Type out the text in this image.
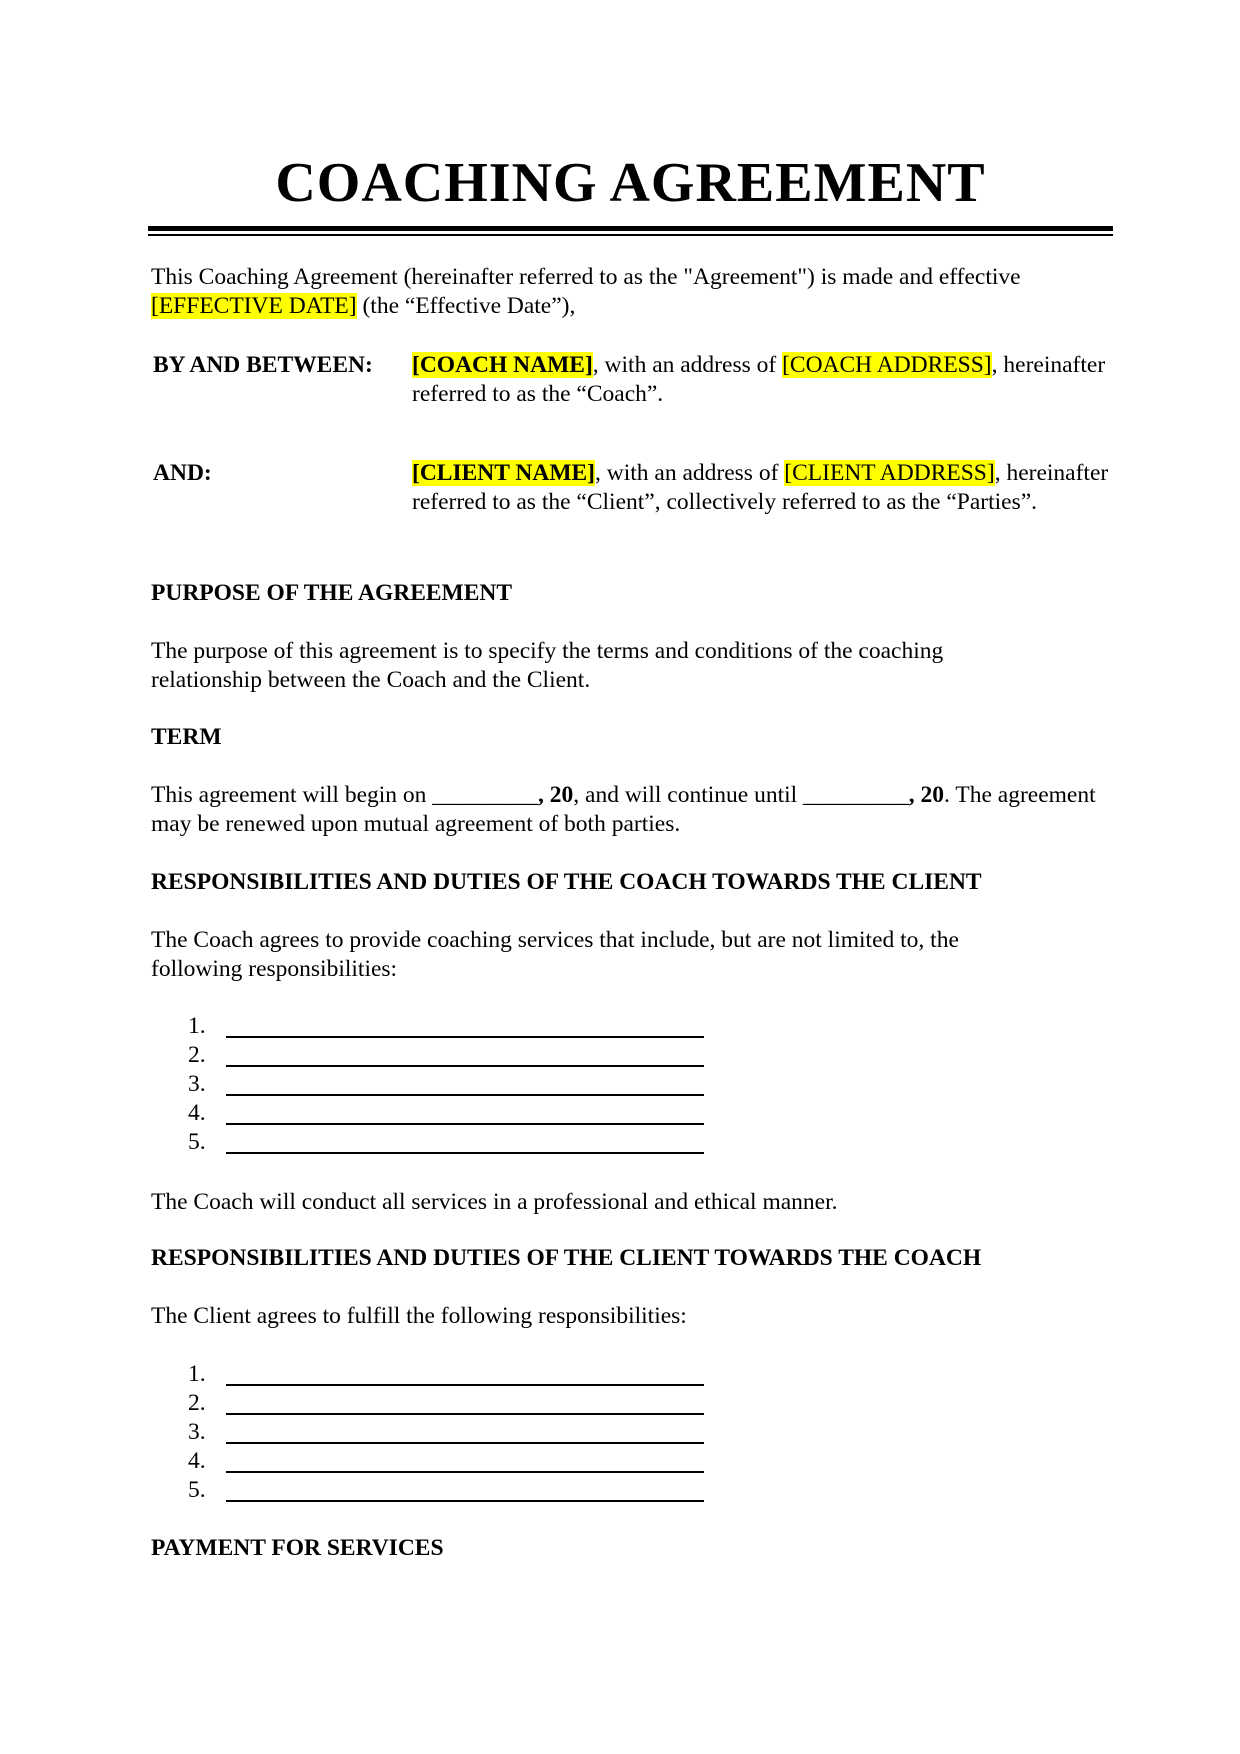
COACHING AGREEMENT

This Coaching Agreement (hereinafter referred to as the "Agreement") is made and effective
[EFFECTIVE DATE] (the “Effective Date”),

BY AND BETWEEN: [COACH NAME], with an address of [COACH ADDRESS], hereinafter referred to as the “Coach”.
AND:	[CLIENT NAME], with an address of [CLIENT ADDRESS], hereinafter referred to as the “Client”, collectively referred to as the “Parties”.

PURPOSE OF THE AGREEMENT

The purpose of this agreement is to specify the terms and conditions of the coaching relationship between the Coach and the Client.

TERM

This agreement will begin on _________, 20, and will continue until _________, 20. The agreement may be renewed upon mutual agreement of both parties.

RESPONSIBILITIES AND DUTIES OF THE COACH TOWARDS THE CLIENT

The Coach agrees to provide coaching services that include, but are not limited to, the following responsibilities:

1.
2.
3.
4.
5.

The Coach will conduct all services in a professional and ethical manner.

RESPONSIBILITIES AND DUTIES OF THE CLIENT TOWARDS THE COACH

The Client agrees to fulfill the following responsibilities:

1.
2.
3.
4.
5.

PAYMENT FOR SERVICES
